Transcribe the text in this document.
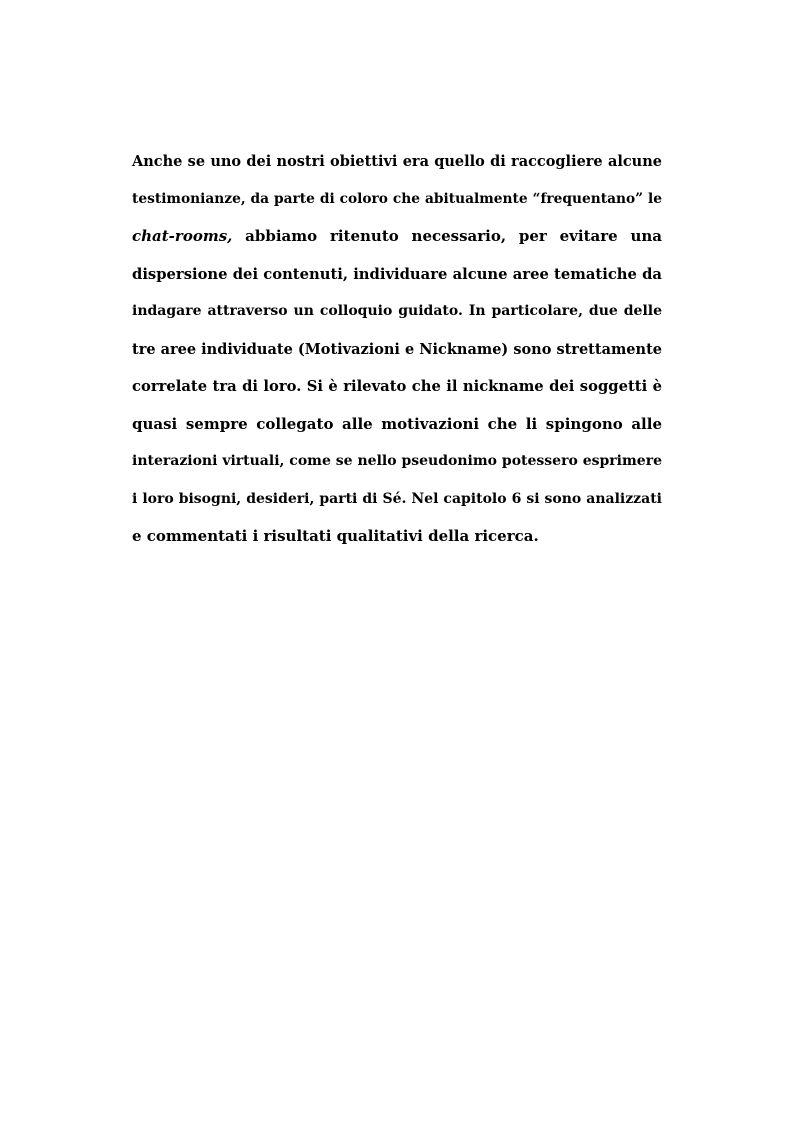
Anche se uno dei nostri obiettivi era quello di raccogliere alcune
testimonianze, da parte di coloro che abitualmente “frequentano” le
chat-rooms, abbiamo ritenuto necessario, per evitare una
dispersione dei contenuti, individuare alcune aree tematiche da
indagare attraverso un colloquio guidato. In particolare, due delle
tre aree individuate (Motivazioni e Nickname) sono strettamente
correlate tra di loro. Si è rilevato che il nickname dei soggetti è
quasi sempre collegato alle motivazioni che li spingono alle
interazioni virtuali, come se nello pseudonimo potessero esprimere
i loro bisogni, desideri, parti di Sé. Nel capitolo 6 si sono analizzati
e commentati i risultati qualitativi della ricerca.
